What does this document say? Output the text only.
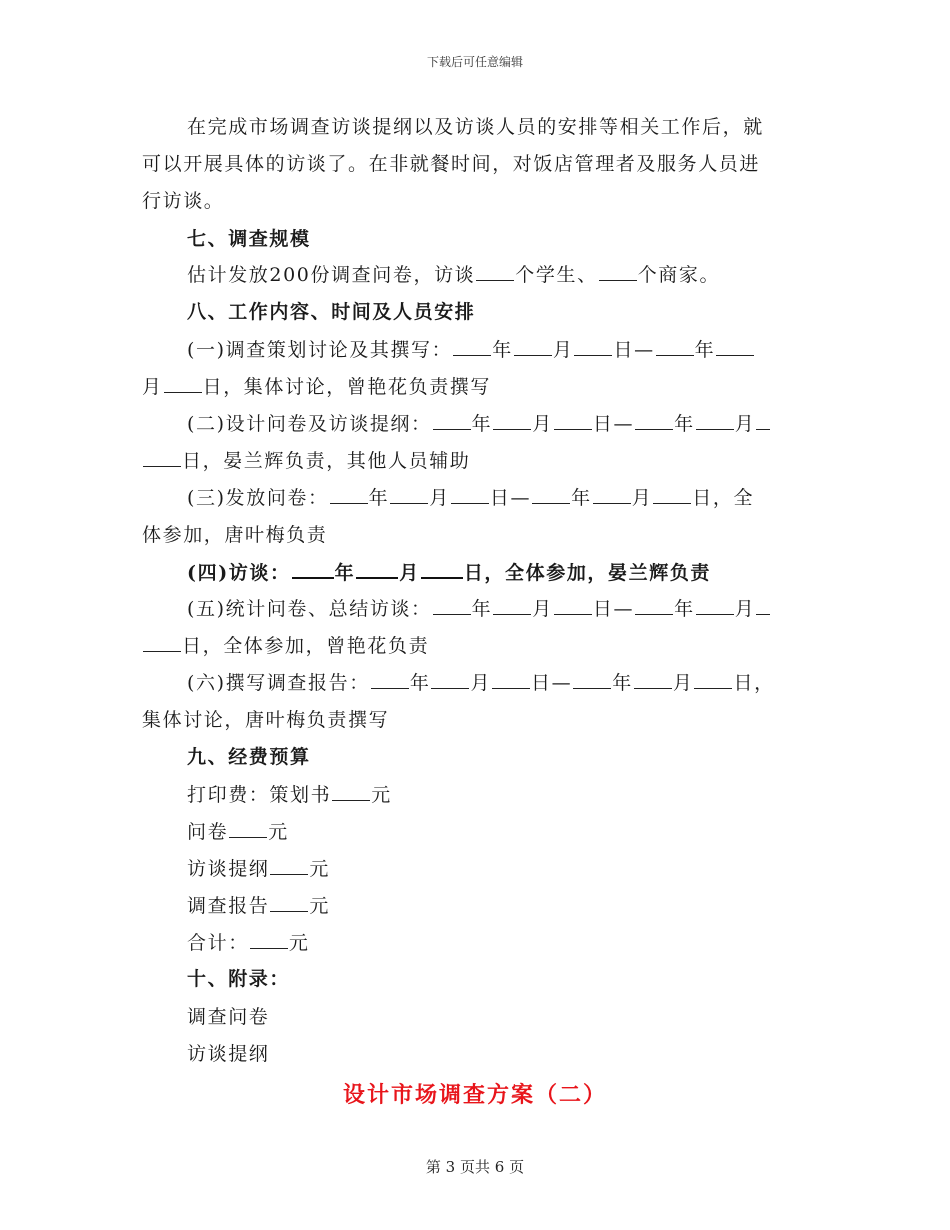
下载后可任意编辑
在完成市场调查访谈提纲以及访谈人员的安排等相关工作后，就
可以开展具体的访谈了。在非就餐时间，对饭店管理者及服务人员进
行访谈。
七、调查规模
估计发放200份调查问卷，访谈 个学生、 个商家。
八、工作内容、时间及人员安排
(一)调查策划讨论及其撰写： 年 月 日— 年
月 日，集体讨论，曾艳花负责撰写
(二)设计问卷及访谈提纲： 年 月 日— 年 月
日，晏兰辉负责，其他人员辅助
(三)发放问卷： 年 月 日— 年 月 日，全
体参加，唐叶梅负责
(四)访谈： 年 月 日，全体参加，晏兰辉负责
(五)统计问卷、总结访谈： 年 月 日— 年 月
日，全体参加，曾艳花负责
(六)撰写调查报告： 年 月 日— 年 月 日，
集体讨论，唐叶梅负责撰写
九、经费预算
打印费：策划书 元
问卷 元
访谈提纲 元
调查报告 元
合计： 元
十、附录：
调查问卷
访谈提纲
设计市场调查方案（二）
第 3 页共 6 页
